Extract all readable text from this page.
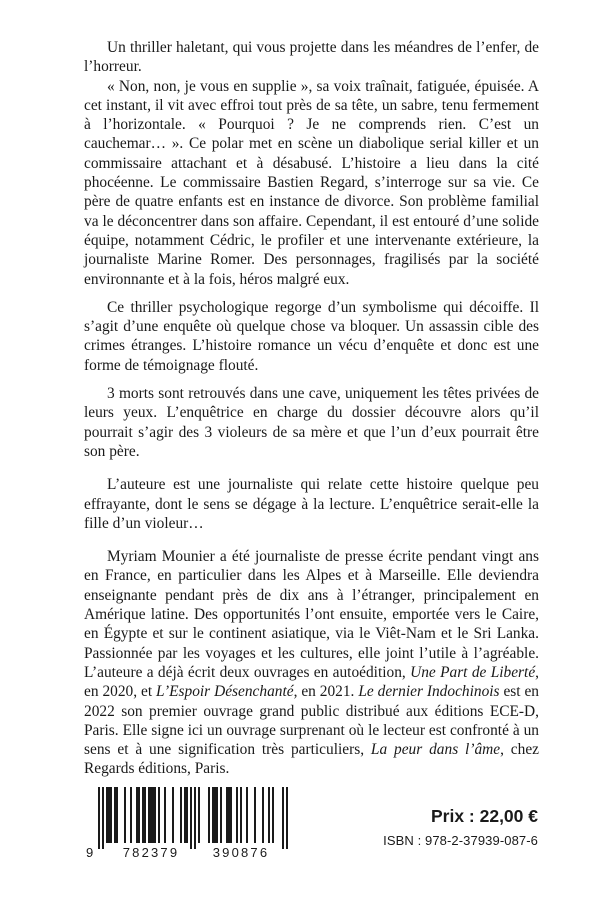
Un thriller haletant, qui vous projette dans les méandres de l’enfer, de l’horreur.

« Non, non, je vous en supplie », sa voix traînait, fatiguée, épuisée. A cet instant, il vit avec effroi tout près de sa tête, un sabre, tenu fermement à l’horizontale. « Pourquoi ? Je ne comprends rien. C’est un cauchemar… ». Ce polar met en scène un diabolique serial killer et un commissaire attachant et à désabusé. L’histoire a lieu dans la cité phocéenne. Le commissaire Bastien Regard, s’interroge sur sa vie. Ce père de quatre enfants est en instance de divorce. Son problème familial va le déconcentrer dans son affaire. Cependant, il est entouré d’une solide équipe, notamment Cédric, le profiler et une intervenante extérieure, la journaliste Marine Romer. Des personnages, fragilisés par la société environnante et à la fois, héros malgré eux.

Ce thriller psychologique regorge d’un symbolisme qui décoiffe. Il s’agit d’une enquête où quelque chose va bloquer. Un assassin cible des crimes étranges. L’histoire romance un vécu d’enquête et donc est une forme de témoignage flouté.

3 morts sont retrouvés dans une cave, uniquement les têtes privées de leurs yeux. L’enquêtrice en charge du dossier découvre alors qu’il pourrait s’agir des 3 violeurs de sa mère et que l’un d’eux pourrait être son père.

L’auteure est une journaliste qui relate cette histoire quelque peu effrayante, dont le sens se dégage à la lecture. L’enquêtrice serait-elle la fille d’un violeur…

Myriam Mounier a été journaliste de presse écrite pendant vingt ans en France, en particulier dans les Alpes et à Marseille. Elle deviendra enseignante pendant près de dix ans à l’étranger, principalement en Amérique latine. Des opportunités l’ont ensuite, emportée vers le Caire, en Égypte et sur le continent asiatique, via le Viêt-Nam et le Sri Lanka. Passionnée par les voyages et les cultures, elle joint l’utile à l’agréable. L’auteure a déjà écrit deux ouvrages en autoédition, Une Part de Liberté, en 2020, et L’Espoir Désenchanté, en 2021. Le dernier Indochinois est en 2022 son premier ouvrage grand public distribué aux éditions ECE-D, Paris. Elle signe ici un ouvrage surprenant où le lecteur est confronté à un sens et à une signification très particuliers, La peur dans l’âme, chez Regards éditions, Paris.

9 782379	390876
Prix : 22,00 €
ISBN : 978-2-37939-087-6
